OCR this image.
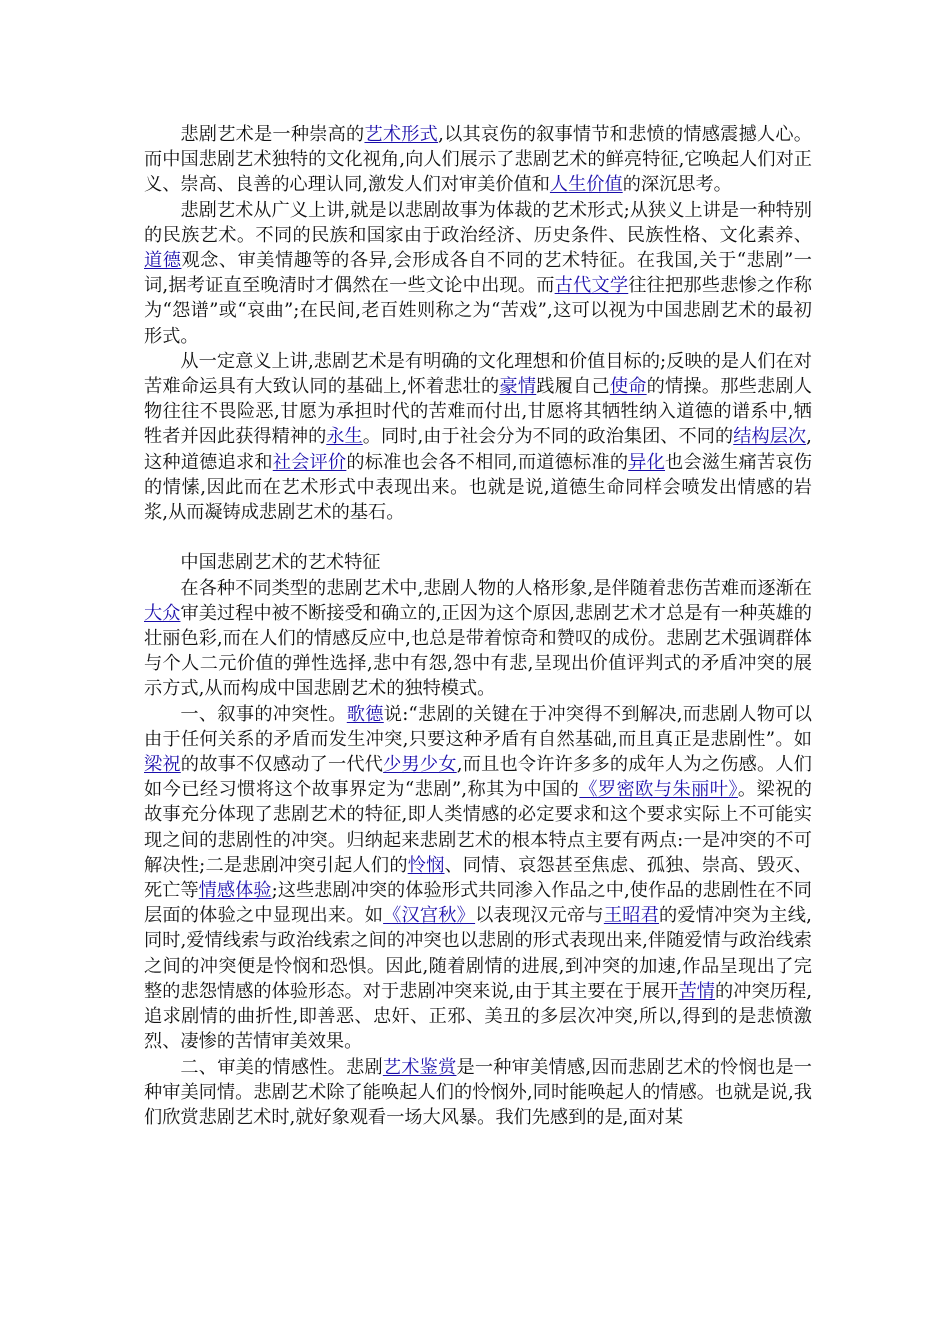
悲剧艺术是一种崇高的艺术形式,以其哀伤的叙事情节和悲愤的情感震撼人心。而中国悲剧艺术独特的文化视角,向人们展示了悲剧艺术的鲜亮特征,它唤起人们对正义、崇高、良善的心理认同,激发人们对审美价值和人生价值的深沉思考。

悲剧艺术从广义上讲,就是以悲剧故事为体裁的艺术形式;从狭义上讲是一种特别的民族艺术。不同的民族和国家由于政治经济、历史条件、民族性格、文化素养、道德观念、审美情趣等的各异,会形成各自不同的艺术特征。在我国,关于“悲剧”一词,据考证直至晚清时才偶然在一些文论中出现。而古代文学往往把那些悲惨之作称为“怨谱”或“哀曲”;在民间,老百姓则称之为“苦戏”,这可以视为中国悲剧艺术的最初形式。

从一定意义上讲,悲剧艺术是有明确的文化理想和价值目标的;反映的是人们在对苦难命运具有大致认同的基础上,怀着悲壮的豪情践履自己使命的情操。那些悲剧人物往往不畏险恶,甘愿为承担时代的苦难而付出,甘愿将其牺牲纳入道德的谱系中,牺牲者并因此获得精神的永生。同时,由于社会分为不同的政治集团、不同的结构层次,这种道德追求和社会评价的标准也会各不相同,而道德标准的异化也会滋生痛苦哀伤的情愫,因此而在艺术形式中表现出来。也就是说,道德生命同样会喷发出情感的岩浆,从而凝铸成悲剧艺术的基石。

中国悲剧艺术的艺术特征

在各种不同类型的悲剧艺术中,悲剧人物的人格形象,是伴随着悲伤苦难而逐渐在大众审美过程中被不断接受和确立的,正因为这个原因,悲剧艺术才总是有一种英雄的壮丽色彩,而在人们的情感反应中,也总是带着惊奇和赞叹的成份。悲剧艺术强调群体与个人二元价值的弹性选择,悲中有怨,怨中有悲,呈现出价值评判式的矛盾冲突的展示方式,从而构成中国悲剧艺术的独特模式。

一、叙事的冲突性。歌德说:“悲剧的关键在于冲突得不到解决,而悲剧人物可以由于任何关系的矛盾而发生冲突,只要这种矛盾有自然基础,而且真正是悲剧性”。如梁祝的故事不仅感动了一代代少男少女,而且也令许许多多的成年人为之伤感。人们如今已经习惯将这个故事界定为“悲剧”,称其为中国的《罗密欧与朱丽叶》。梁祝的故事充分体现了悲剧艺术的特征,即人类情感的必定要求和这个要求实际上不可能实现之间的悲剧性的冲突。归纳起来悲剧艺术的根本特点主要有两点:一是冲突的不可解决性;二是悲剧冲突引起人们的怜悯、同情、哀怨甚至焦虑、孤独、崇高、毁灭、死亡等情感体验;这些悲剧冲突的体验形式共同渗入作品之中,使作品的悲剧性在不同层面的体验之中显现出来。如《汉宫秋》以表现汉元帝与王昭君的爱情冲突为主线,同时,爱情线索与政治线索之间的冲突也以悲剧的形式表现出来,伴随爱情与政治线索之间的冲突便是怜悯和恐惧。因此,随着剧情的进展,到冲突的加速,作品呈现出了完整的悲怨情感的体验形态。对于悲剧冲突来说,由于其主要在于展开苦情的冲突历程,追求剧情的曲折性,即善恶、忠奸、正邪、美丑的多层次冲突,所以,得到的是悲愤激烈、凄惨的苦情审美效果。

二、审美的情感性。悲剧艺术鉴赏是一种审美情感,因而悲剧艺术的怜悯也是一种审美同情。悲剧艺术除了能唤起人们的怜悯外,同时能唤起人的情感。也就是说,我们欣赏悲剧艺术时,就好象观看一场大风暴。我们先感到的是,面对某
